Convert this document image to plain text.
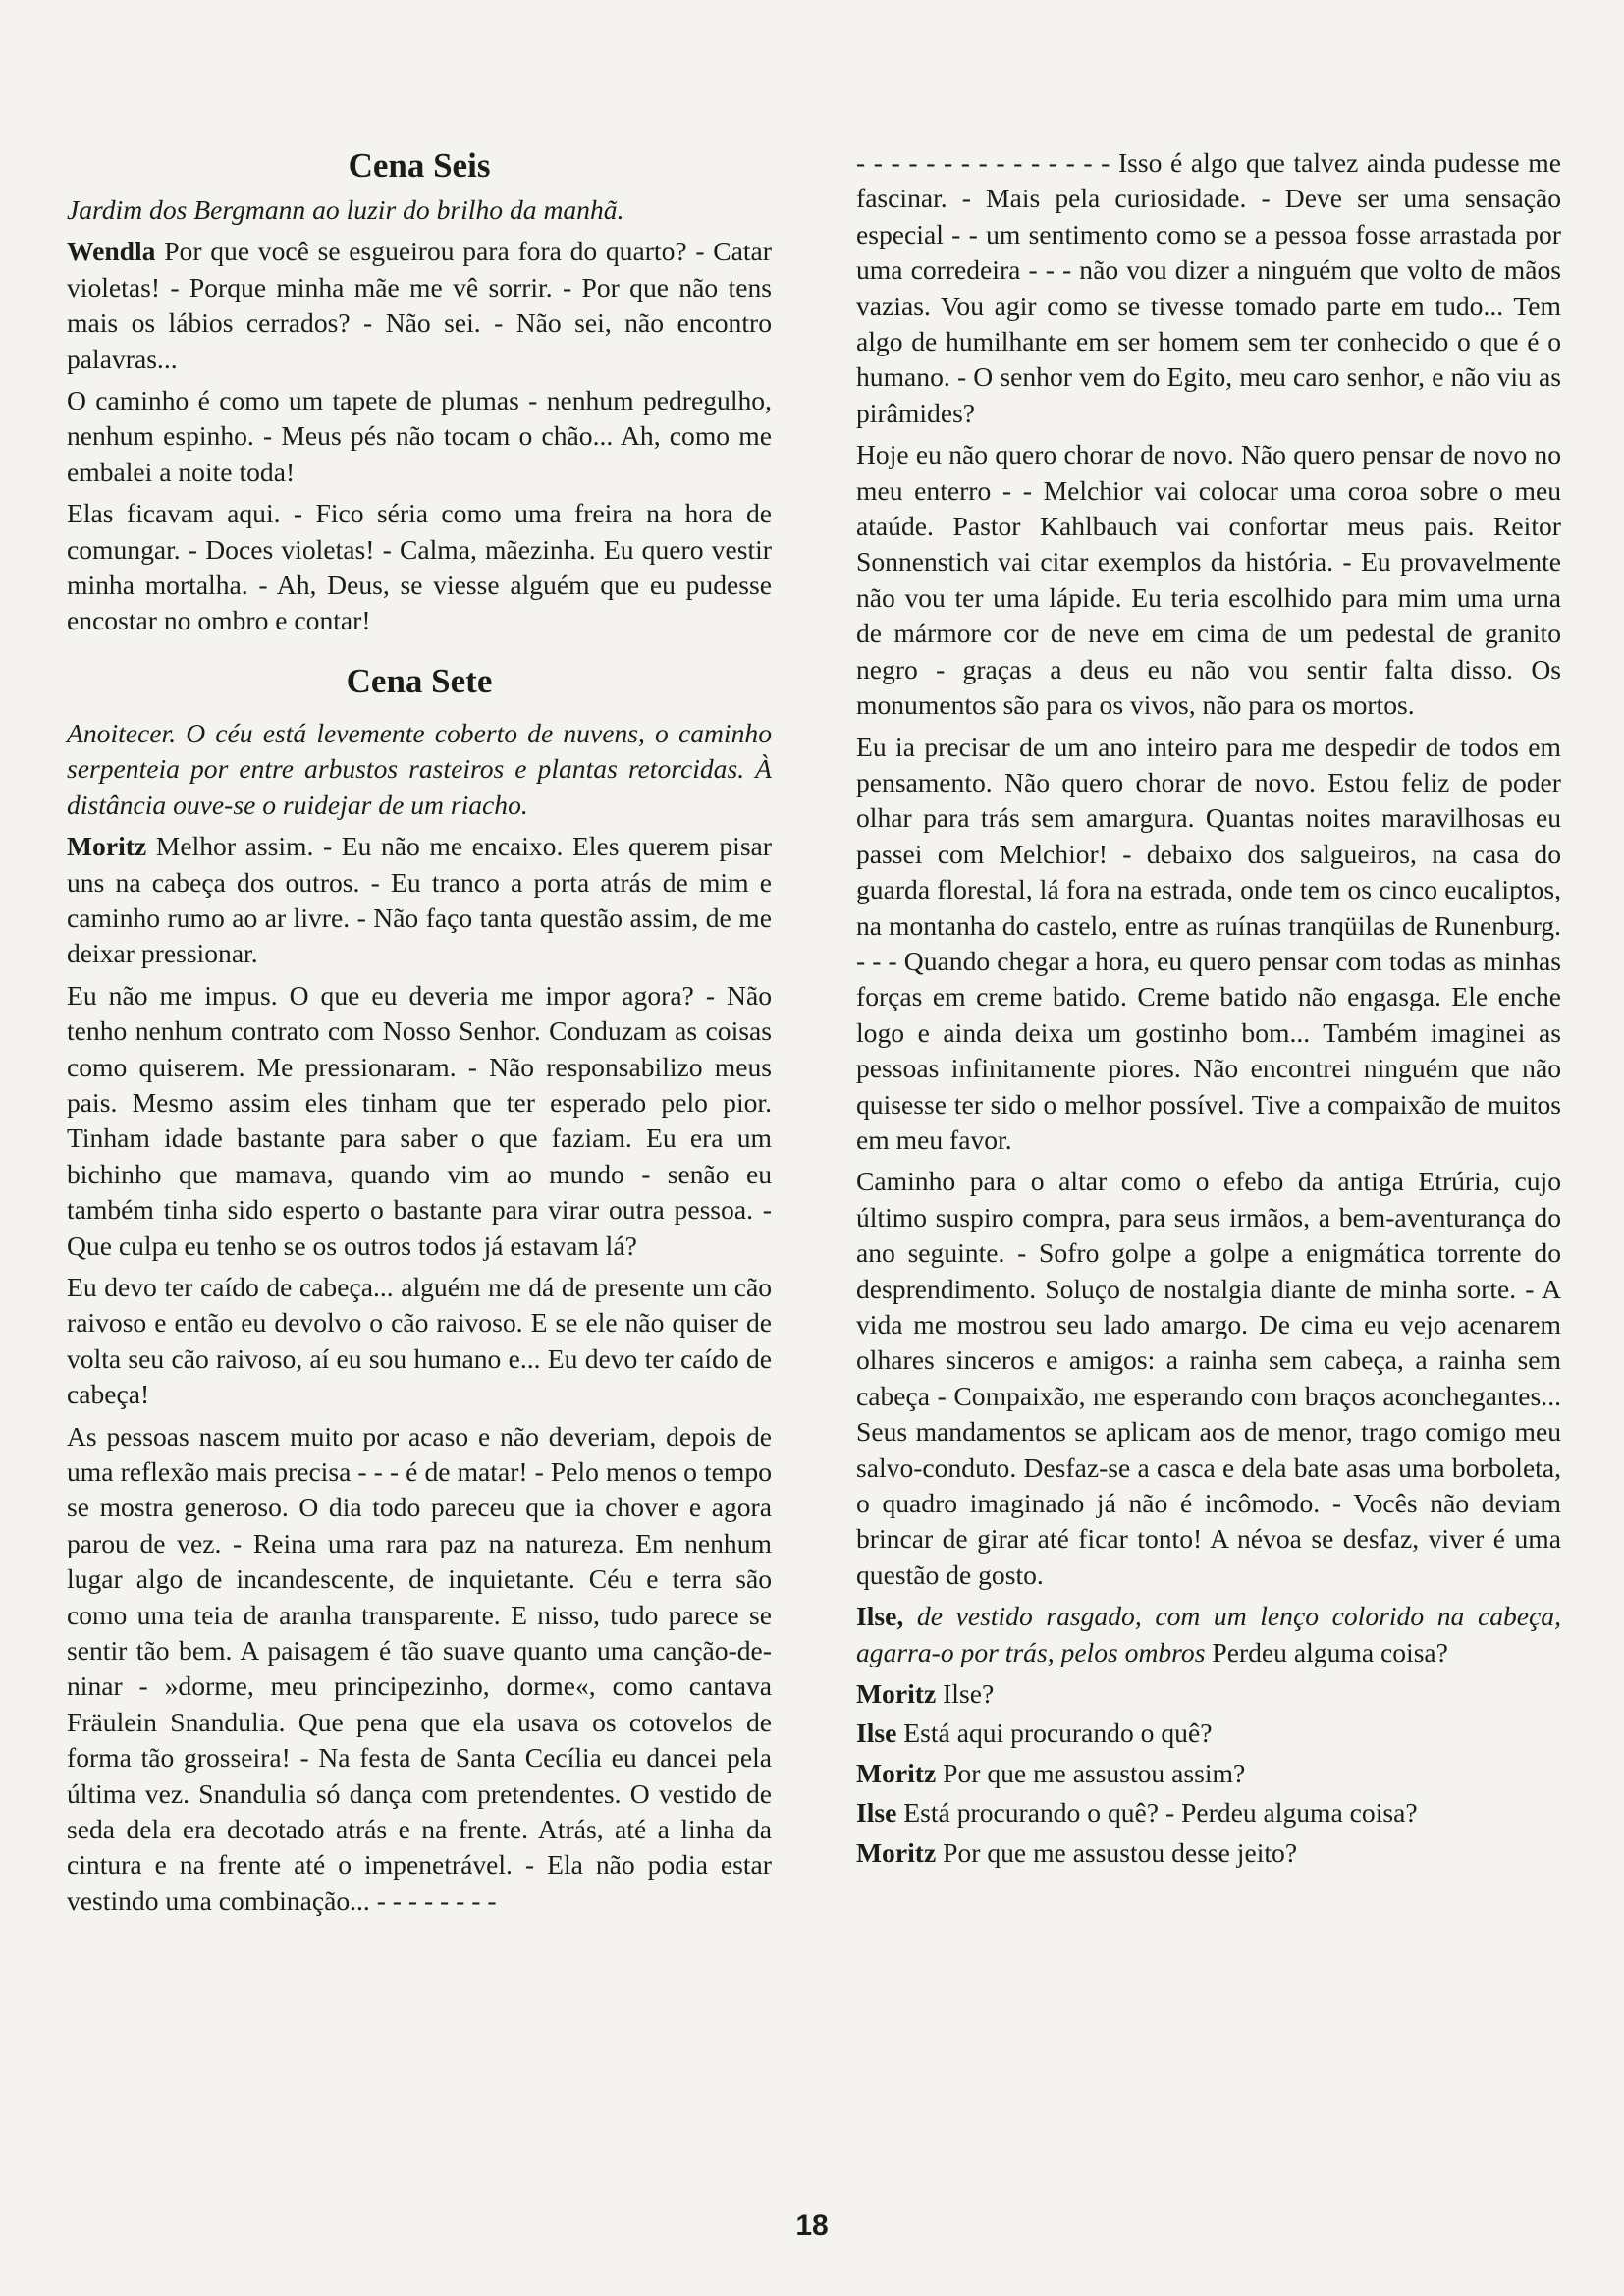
Cena Seis

Jardim dos Bergmann ao luzir do brilho da manhã.

Wendla Por que você se esgueirou para fora do quarto? - Catar violetas! - Porque minha mãe me vê sorrir. - Por que não tens mais os lábios cerrados? - Não sei. - Não sei, não encontro palavras...

O caminho é como um tapete de plumas - nenhum pedregulho, nenhum espinho. - Meus pés não tocam o chão... Ah, como me embalei a noite toda!

Elas ficavam aqui. - Fico séria como uma freira na hora de comungar. - Doces violetas! - Calma, mãezinha. Eu quero vestir minha mortalha. - Ah, Deus, se viesse alguém que eu pudesse encostar no ombro e contar!

Cena Sete

Anoitecer. O céu está levemente coberto de nuvens, o caminho serpenteia por entre arbustos rasteiros e plantas retorcidas. À distância ouve-se o ruidejar de um riacho.

Moritz Melhor assim. - Eu não me encaixo. Eles querem pisar uns na cabeça dos outros. - Eu tranco a porta atrás de mim e caminho rumo ao ar livre. - Não faço tanta questão assim, de me deixar pressionar.

Eu não me impus. O que eu deveria me impor agora? - Não tenho nenhum contrato com Nosso Senhor. Conduzam as coisas como quiserem. Me pressionaram. - Não responsabilizo meus pais. Mesmo assim eles tinham que ter esperado pelo pior. Tinham idade bastante para saber o que faziam. Eu era um bichinho que mamava, quando vim ao mundo - senão eu também tinha sido esperto o bastante para virar outra pessoa. - Que culpa eu tenho se os outros todos já estavam lá?

Eu devo ter caído de cabeça... alguém me dá de presente um cão raivoso e então eu devolvo o cão raivoso. E se ele não quiser de volta seu cão raivoso, aí eu sou humano e... Eu devo ter caído de cabeça!

As pessoas nascem muito por acaso e não deveriam, depois de uma reflexão mais precisa - - - é de matar! - Pelo menos o tempo se mostra generoso. O dia todo pareceu que ia chover e agora parou de vez. - Reina uma rara paz na natureza. Em nenhum lugar algo de incandescente, de inquietante. Céu e terra são como uma teia de aranha transparente. E nisso, tudo parece se sentir tão bem. A paisagem é tão suave quanto uma canção-de-ninar - »dorme, meu principezinho, dorme«, como cantava Fräulein Snandulia. Que pena que ela usava os cotovelos de forma tão grosseira! - Na festa de Santa Cecília eu dancei pela última vez. Snandulia só dança com pretendentes. O vestido de seda dela era decotado atrás e na frente. Atrás, até a linha da cintura e na frente até o impenetrável. - Ela não podia estar vestindo uma combinação... - - - - - - - -

- - - - - - - - - - - - - - - Isso é algo que talvez ainda pudesse me fascinar. - Mais pela curiosidade. - Deve ser uma sensação especial - - um sentimento como se a pessoa fosse arrastada por uma corredeira - - - não vou dizer a ninguém que volto de mãos vazias. Vou agir como se tivesse tomado parte em tudo... Tem algo de humilhante em ser homem sem ter conhecido o que é o humano. - O senhor vem do Egito, meu caro senhor, e não viu as pirâmides?

Hoje eu não quero chorar de novo. Não quero pensar de novo no meu enterro - - Melchior vai colocar uma coroa sobre o meu ataúde. Pastor Kahlbauch vai confortar meus pais. Reitor Sonnenstich vai citar exemplos da história. - Eu provavelmente não vou ter uma lápide. Eu teria escolhido para mim uma urna de mármore cor de neve em cima de um pedestal de granito negro - graças a deus eu não vou sentir falta disso. Os monumentos são para os vivos, não para os mortos.

Eu ia precisar de um ano inteiro para me despedir de todos em pensamento. Não quero chorar de novo. Estou feliz de poder olhar para trás sem amargura. Quantas noites maravilhosas eu passei com Melchior! - debaixo dos salgueiros, na casa do guarda florestal, lá fora na estrada, onde tem os cinco eucaliptos, na montanha do castelo, entre as ruínas tranqüilas de Runenburg. - - - Quando chegar a hora, eu quero pensar com todas as minhas forças em creme batido. Creme batido não engasga. Ele enche logo e ainda deixa um gostinho bom... Também imaginei as pessoas infinitamente piores. Não encontrei ninguém que não quisesse ter sido o melhor possível. Tive a compaixão de muitos em meu favor.

Caminho para o altar como o efebo da antiga Etrúria, cujo último suspiro compra, para seus irmãos, a bem-aventurança do ano seguinte. - Sofro golpe a golpe a enigmática torrente do desprendimento. Soluço de nostalgia diante de minha sorte. - A vida me mostrou seu lado amargo. De cima eu vejo acenarem olhares sinceros e amigos: a rainha sem cabeça, a rainha sem cabeça - Compaixão, me esperando com braços aconchegantes... Seus mandamentos se aplicam aos de menor, trago comigo meu salvo-conduto. Desfaz-se a casca e dela bate asas uma borboleta, o quadro imaginado já não é incômodo. - Vocês não deviam brincar de girar até ficar tonto! A névoa se desfaz, viver é uma questão de gosto.

Ilse, de vestido rasgado, com um lenço colorido na cabeça, agarra-o por trás, pelos ombros Perdeu alguma coisa?

Moritz Ilse?

Ilse Está aqui procurando o quê?

Moritz Por que me assustou assim?

Ilse Está procurando o quê? - Perdeu alguma coisa?

Moritz Por que me assustou desse jeito?

18
